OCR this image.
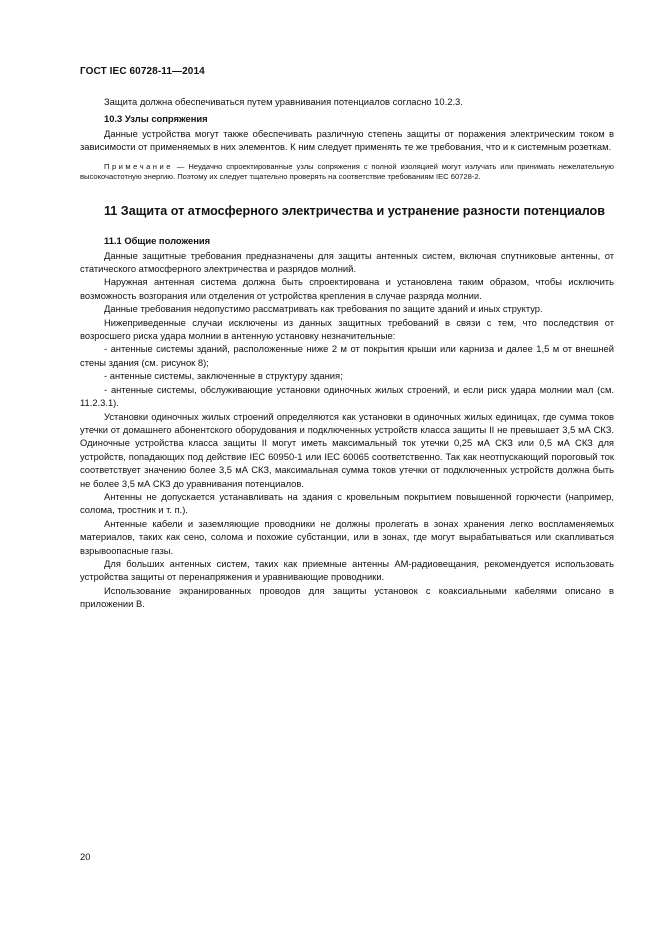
ГОСТ IEC 60728-11—2014

Защита должна обеспечиваться путем уравнивания потенциалов согласно 10.2.3.

10.3 Узлы сопряжения

Данные устройства могут также обеспечивать различную степень защиты от поражения электрическим током в зависимости от применяемых в них элементов. К ним следует применять те же требования, что и к системным розеткам.

Примечание — Неудачно спроектированные узлы сопряжения с полной изоляцией могут излучать или принимать нежелательную высокочастотную энергию. Поэтому их следует тщательно проверять на соответствие требованиям IEC 60728-2.

11 Защита от атмосферного электричества и устранение разности потенциалов

11.1 Общие положения

Данные защитные требования предназначены для защиты антенных систем, включая спутниковые антенны, от статического атмосферного электричества и разрядов молний.

Наружная антенная система должна быть спроектирована и установлена таким образом, чтобы исключить возможность возгорания или отделения от устройства крепления в случае разряда молнии.

Данные требования недопустимо рассматривать как требования по защите зданий и иных структур.

Нижеприведенные случаи исключены из данных защитных требований в связи с тем, что последствия от возросшего риска удара молнии в антенную установку незначительные:

- антенные системы зданий, расположенные ниже 2 м от покрытия крыши или карниза и далее 1,5 м от внешней стены здания (см. рисунок 8);

- антенные системы, заключенные в структуру здания;

- антенные системы, обслуживающие установки одиночных жилых строений, и если риск удара молнии мал (см. 11.2.3.1).

Установки одиночных жилых строений определяются как установки в одиночных жилых единицах, где сумма токов утечки от домашнего абонентского оборудования и подключенных устройств класса защиты II не превышает 3,5 мА СКЗ. Одиночные устройства класса защиты II могут иметь максимальный ток утечки 0,25 мА СКЗ или 0,5 мА СКЗ для устройств, попадающих под действие IEC 60950-1 или IEC 60065 соответственно. Так как неотпускающий пороговый ток соответствует значению более 3,5 мА СКЗ, максимальная сумма токов утечки от подключенных устройств должна быть не более 3,5 мА СКЗ до уравнивания потенциалов.

Антенны не допускается устанавливать на здания с кровельным покрытием повышенной горючести (например, солома, тростник и т. п.).

Антенные кабели и заземляющие проводники не должны пролегать в зонах хранения легко воспламеняемых материалов, таких как сено, солома и похожие субстанции, или в зонах, где могут вырабатываться или скапливаться взрывоопасные газы.

Для больших антенных систем, таких как приемные антенны АМ-радиовещания, рекомендуется использовать устройства защиты от перенапряжения и уравнивающие проводники.

Использование экранированных проводов для защиты установок с коаксиальными кабелями описано в приложении В.

20
